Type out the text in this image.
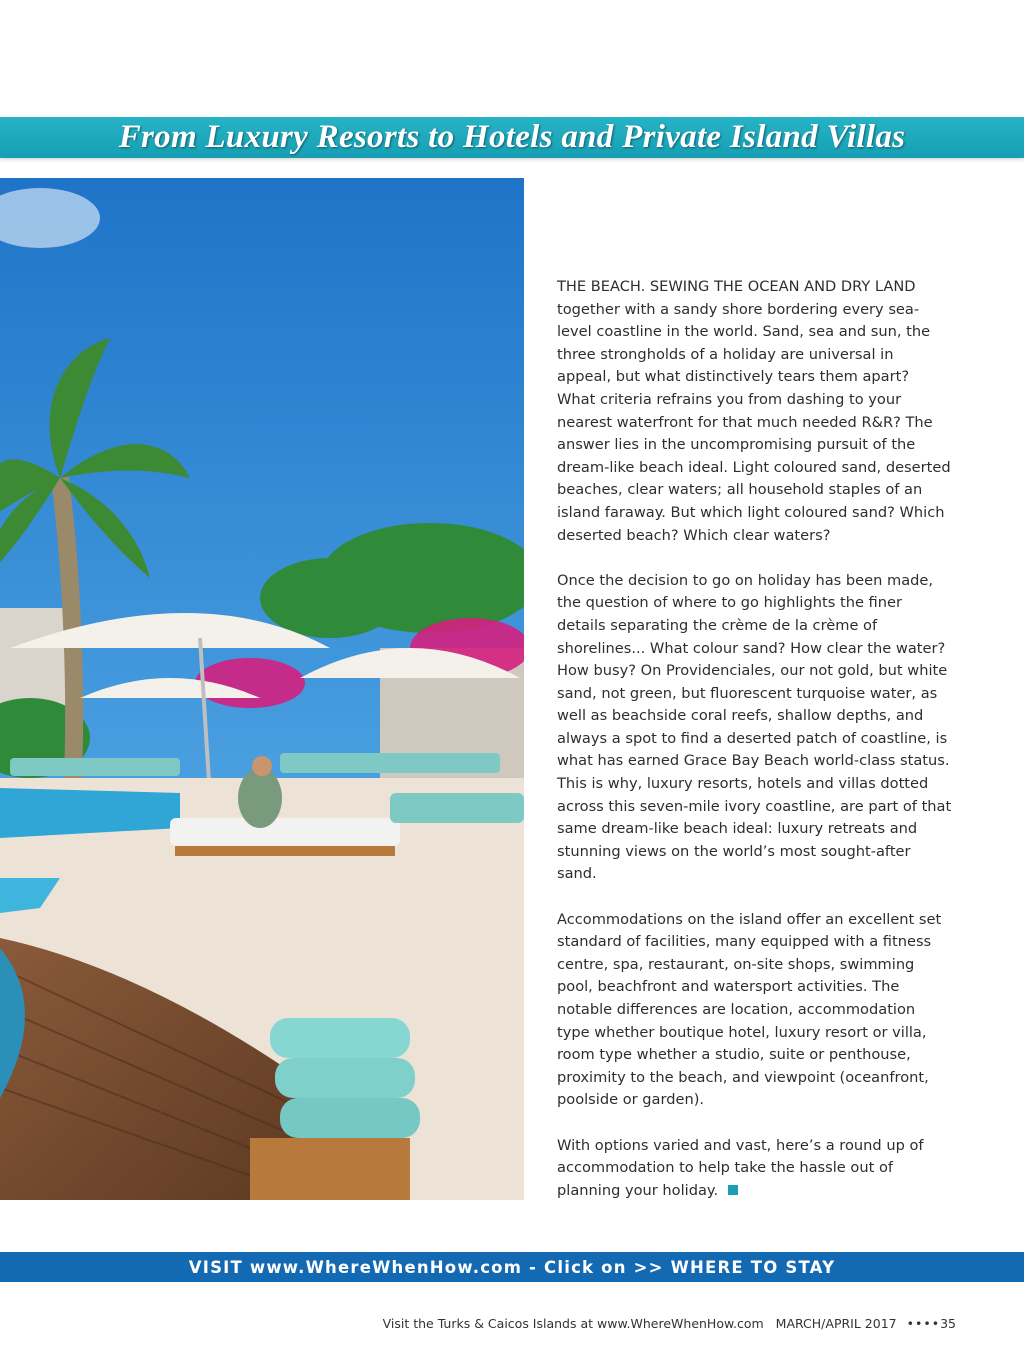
From Luxury Resorts to Hotels and Private Island Villas

THE BEACH. SEWING THE OCEAN AND DRY LAND together with a sandy shore bordering every sea-level coastline in the world. Sand, sea and sun, the three strongholds of a holiday are universal in appeal, but what distinctively tears them apart? What criteria refrains you from dashing to your nearest waterfront for that much needed R&R? The answer lies in the uncompromising pursuit of the dream-like beach ideal. Light coloured sand, deserted beaches, clear waters; all household staples of an island faraway. But which light coloured sand? Which deserted beach? Which clear waters?

Once the decision to go on holiday has been made, the question of where to go highlights the finer details separating the crème de la crème of shorelines... What colour sand? How clear the water? How busy? On Providenciales, our not gold, but white sand, not green, but fluorescent turquoise water, as well as beachside coral reefs, shallow depths, and always a spot to find a deserted patch of coastline, is what has earned Grace Bay Beach world-class status. This is why, luxury resorts, hotels and villas dotted across this seven-mile ivory coastline, are part of that same dream-like beach ideal: luxury retreats and stunning views on the world’s most sought-after sand.

Accommodations on the island offer an excellent set standard of facilities, many equipped with a fitness centre, spa, restaurant, on-site shops, swimming pool, beachfront and watersport activities. The notable differences are location, accommodation type whether boutique hotel, luxury resort or villa, room type whether a studio, suite or penthouse, proximity to the beach, and viewpoint (oceanfront, poolside or garden).

With options varied and vast, here’s a round up of accommodation to help take the hassle out of planning your holiday.

VISIT www.WhereWhenHow.com - Click on >> WHERE TO STAY
Visit the Turks & Caicos Islands at www.WhereWhenHow.com MARCH/APRIL 2017 ••••35
